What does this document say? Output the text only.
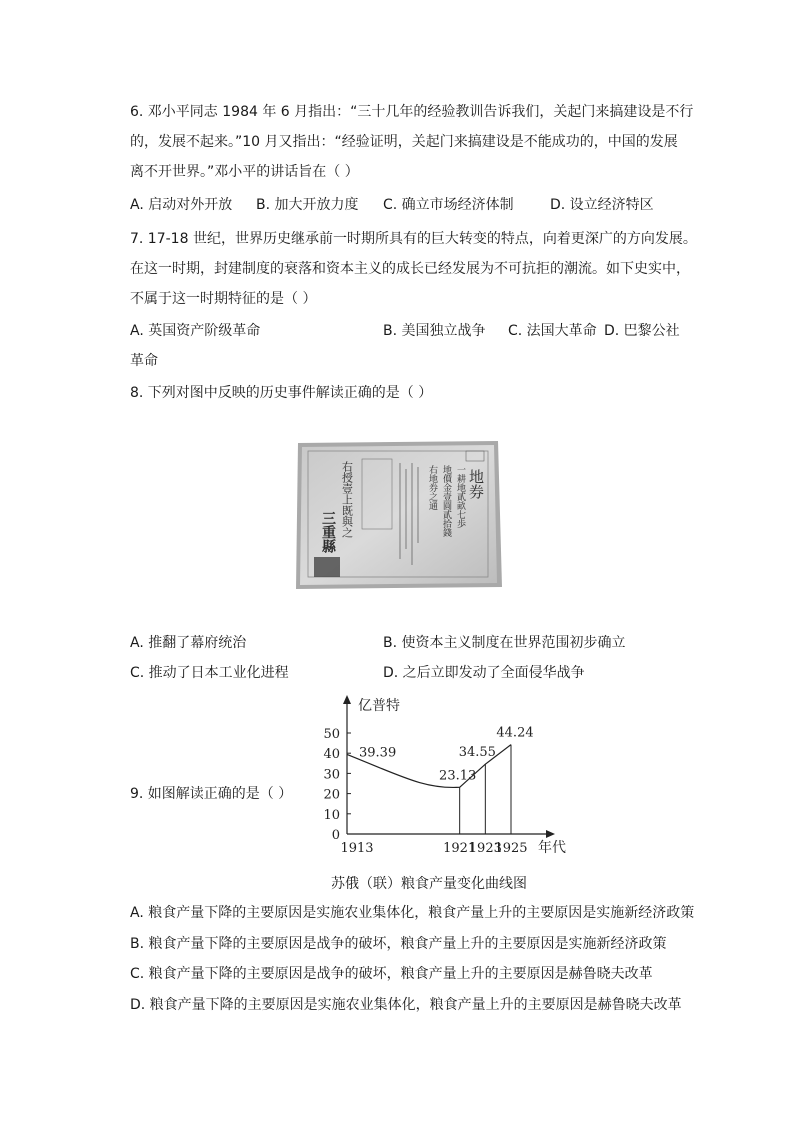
6. 邓小平同志 1984 年 6 月指出：“三十几年的经验教训告诉我们，关起门来搞建设是不行
的，发展不起来。”10 月又指出：“经验证明，关起门来搞建设是不能成功的，中国的发展
离不开世界。”邓小平的讲话旨在（ ）
A. 启动对外开放 B. 加大开放力度 C. 确立市场经济体制	D. 设立经济特区
7. 17-18 世纪，世界历史继承前一时期所具有的巨大转变的特点，向着更深广的方向发展。
在这一时期，封建制度的衰落和资本主义的成长已经发展为不可抗拒的潮流。如下史实中，
不属于这一时期特征的是（ ）
A. 英国资产阶级革命	B. 美国独立战争 C. 法国大革命 D. 巴黎公社
革命
8. 下列对图中反映的历史事件解读正确的是（ ）
右授壹上既與之
三重縣
地券
一耕地貳畝七歩
地價金壹圓貳拾錢
右地券之通
A. 推翻了幕府统治	B. 使资本主义制度在世界范围初步确立
C. 推动了日本工业化进程	D. 之后立即发动了全面侵华战争
9. 如图解读正确的是（ ）
亿普特
年代
0
10
20
30
40
50
1913	1921
1923
1925
39.39
23.13
34.55
44.24
苏俄（联）粮食产量变化曲线图
A. 粮食产量下降的主要原因是实施农业集体化，粮食产量上升的主要原因是实施新经济政策
B. 粮食产量下降的主要原因是战争的破坏，粮食产量上升的主要原因是实施新经济政策
C. 粮食产量下降的主要原因是战争的破坏，粮食产量上升的主要原因是赫鲁晓夫改革
D. 粮食产量下降的主要原因是实施农业集体化，粮食产量上升的主要原因是赫鲁晓夫改革
